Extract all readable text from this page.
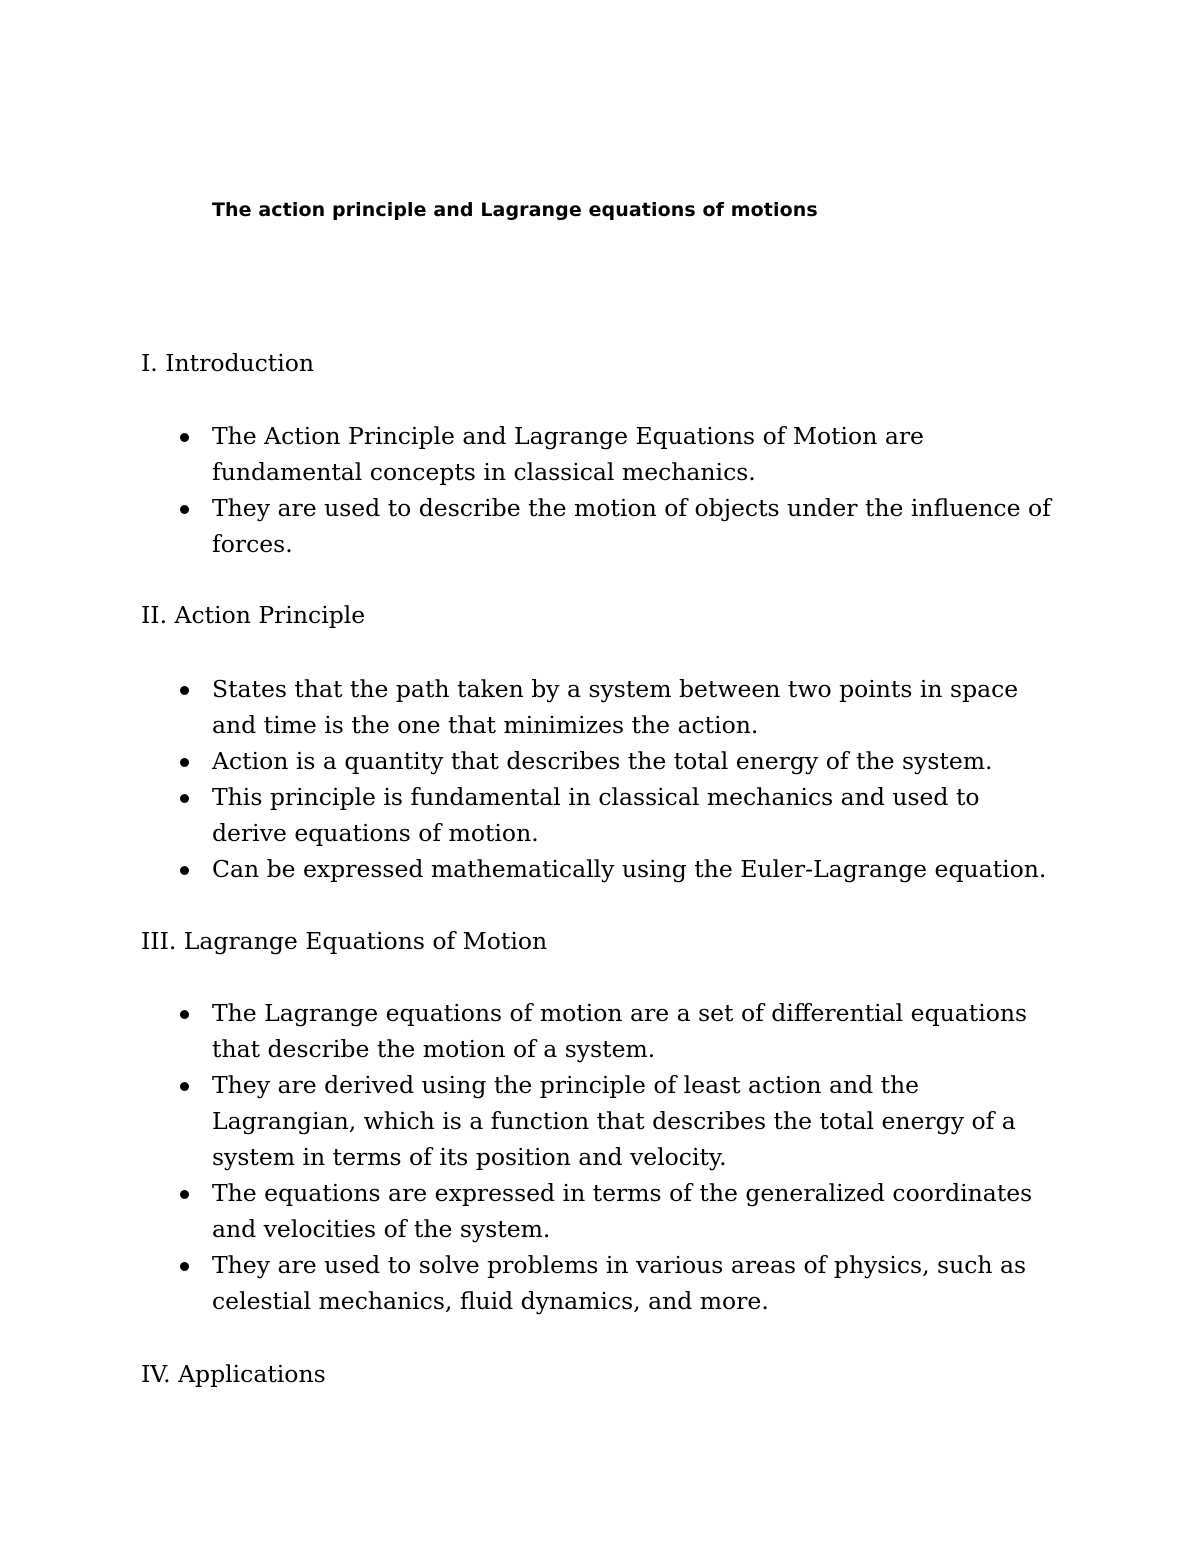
The action principle and Lagrange equations of motions
I. Introduction
The Action Principle and Lagrange Equations of Motion are
fundamental concepts in classical mechanics.
They are used to describe the motion of objects under the influence of
forces.
II. Action Principle
States that the path taken by a system between two points in space
and time is the one that minimizes the action.
Action is a quantity that describes the total energy of the system.
This principle is fundamental in classical mechanics and used to
derive equations of motion.
Can be expressed mathematically using the Euler-Lagrange equation.
III. Lagrange Equations of Motion
The Lagrange equations of motion are a set of differential equations
that describe the motion of a system.
They are derived using the principle of least action and the
Lagrangian, which is a function that describes the total energy of a
system in terms of its position and velocity.
The equations are expressed in terms of the generalized coordinates
and velocities of the system.
They are used to solve problems in various areas of physics, such as
celestial mechanics, fluid dynamics, and more.
IV. Applications
